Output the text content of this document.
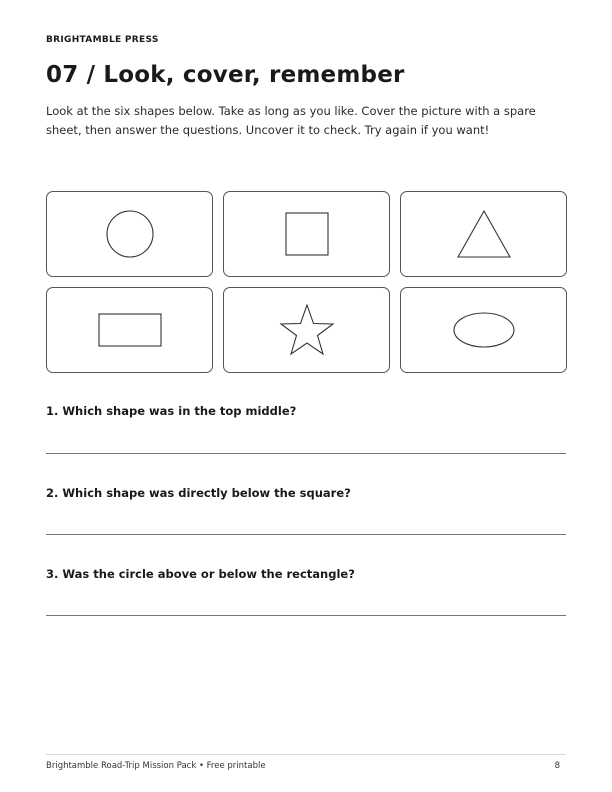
BRIGHTAMBLE PRESS
07 / Look, cover, remember

Look at the six shapes below. Take as long as you like. Cover the picture with a spare sheet, then answer the questions. Uncover it to check. Try again if you want!

1. Which shape was in the top middle?

2. Which shape was directly below the square?

3. Was the circle above or below the rectangle?

Brightamble Road-Trip Mission Pack • Free printable	8
